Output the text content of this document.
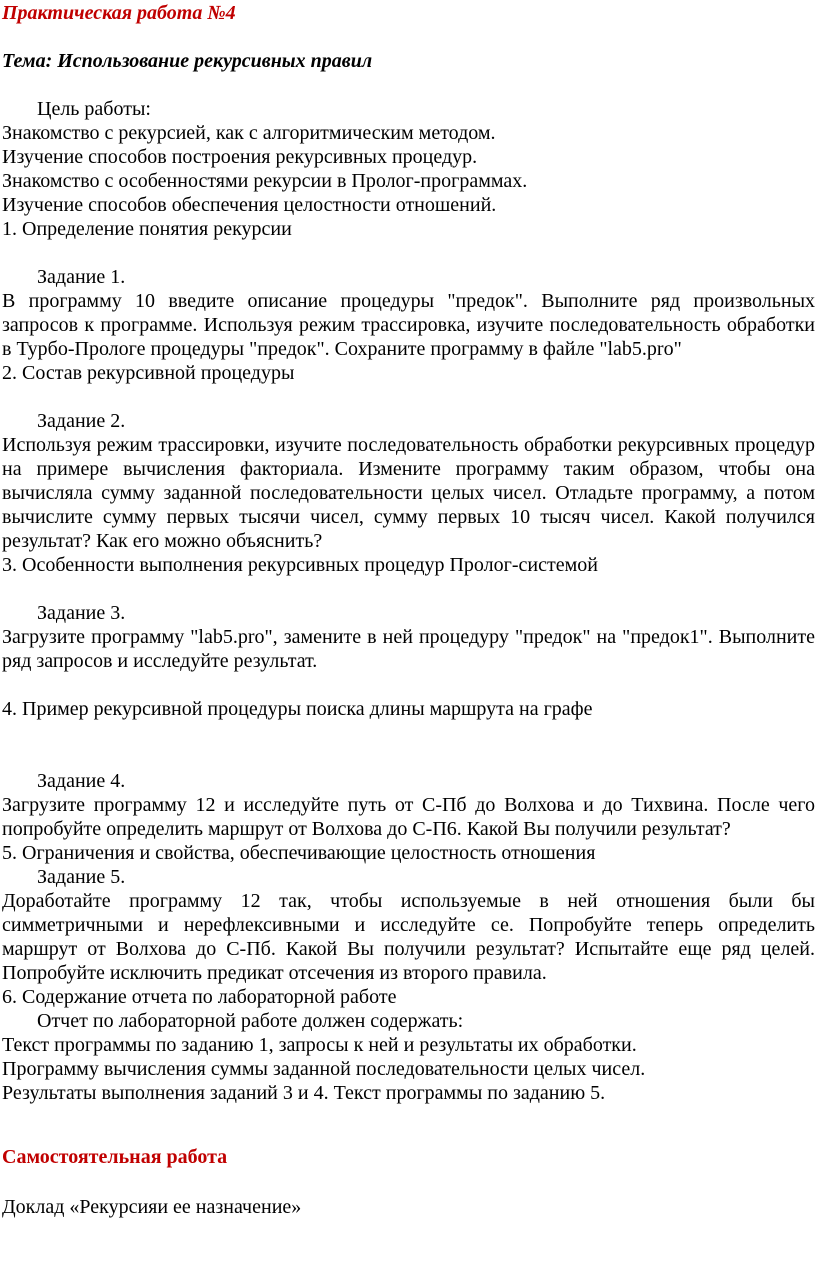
Практическая работа №4
Тема: Использование рекурсивных правил
Цель работы:
Знакомство с рекурсией, как с алгоритмическим методом.
Изучение способов построения рекурсивных процедур.
Знакомство с особенностями рекурсии в Пролог-программах.
Изучение способов обеспечения целостности отношений.
1. Определение понятия рекурсии
Задание 1.
В программу 10 введите описание процедуры "предок". Выполните ряд произвольных запросов к программе. Используя режим трассировка, изучите последовательность обработки в Турбо-Прологе процедуры "предок". Сохраните программу в файле "lab5.pro"
2. Состав рекурсивной процедуры
Задание 2.
Используя режим трассировки, изучите последовательность обработки рекурсивных процедур на примере вычисления факториала. Измените программу таким образом, чтобы она вычисляла сумму заданной последовательности целых чисел. Отладьте программу, а потом вычислите сумму первых тысячи чисел, сумму первых 10 тысяч чисел. Какой получился результат? Как его можно объяснить?
3. Особенности выполнения рекурсивных процедур Пролог-системой
Задание 3.
Загрузите программу "lab5.pro", замените в ней процедуру "предок" на "предок1". Выполните ряд запросов и исследуйте результат.
4. Пример рекурсивной процедуры поиска длины маршрута на графе
Задание 4.
Загрузите программу 12 и исследуйте путь от С-Пб до Волхова и до Тихвина. После чего попробуйте определить маршрут от Волхова до С-П6. Какой Вы получили результат?
5. Ограничения и свойства, обеспечивающие целостность отношения
Задание 5.
Доработайте программу 12 так, чтобы используемые в ней отношения были бы симметричными и нерефлексивными и исследуйте се. Попробуйте теперь определить маршрут от Волхова до С-Пб. Какой Вы получили результат? Испытайте еще ряд целей. Попробуйте исключить предикат отсечения из второго правила.
6. Содержание отчета по лабораторной работе
Отчет по лабораторной работе должен содержать:
Текст программы по заданию 1, запросы к ней и результаты их обработки.
Программу вычисления суммы заданной последовательности целых чисел.
Результаты выполнения заданий 3 и 4. Текст программы по заданию 5.
Самостоятельная работа
Доклад «Рекурсияи ее назначение»
